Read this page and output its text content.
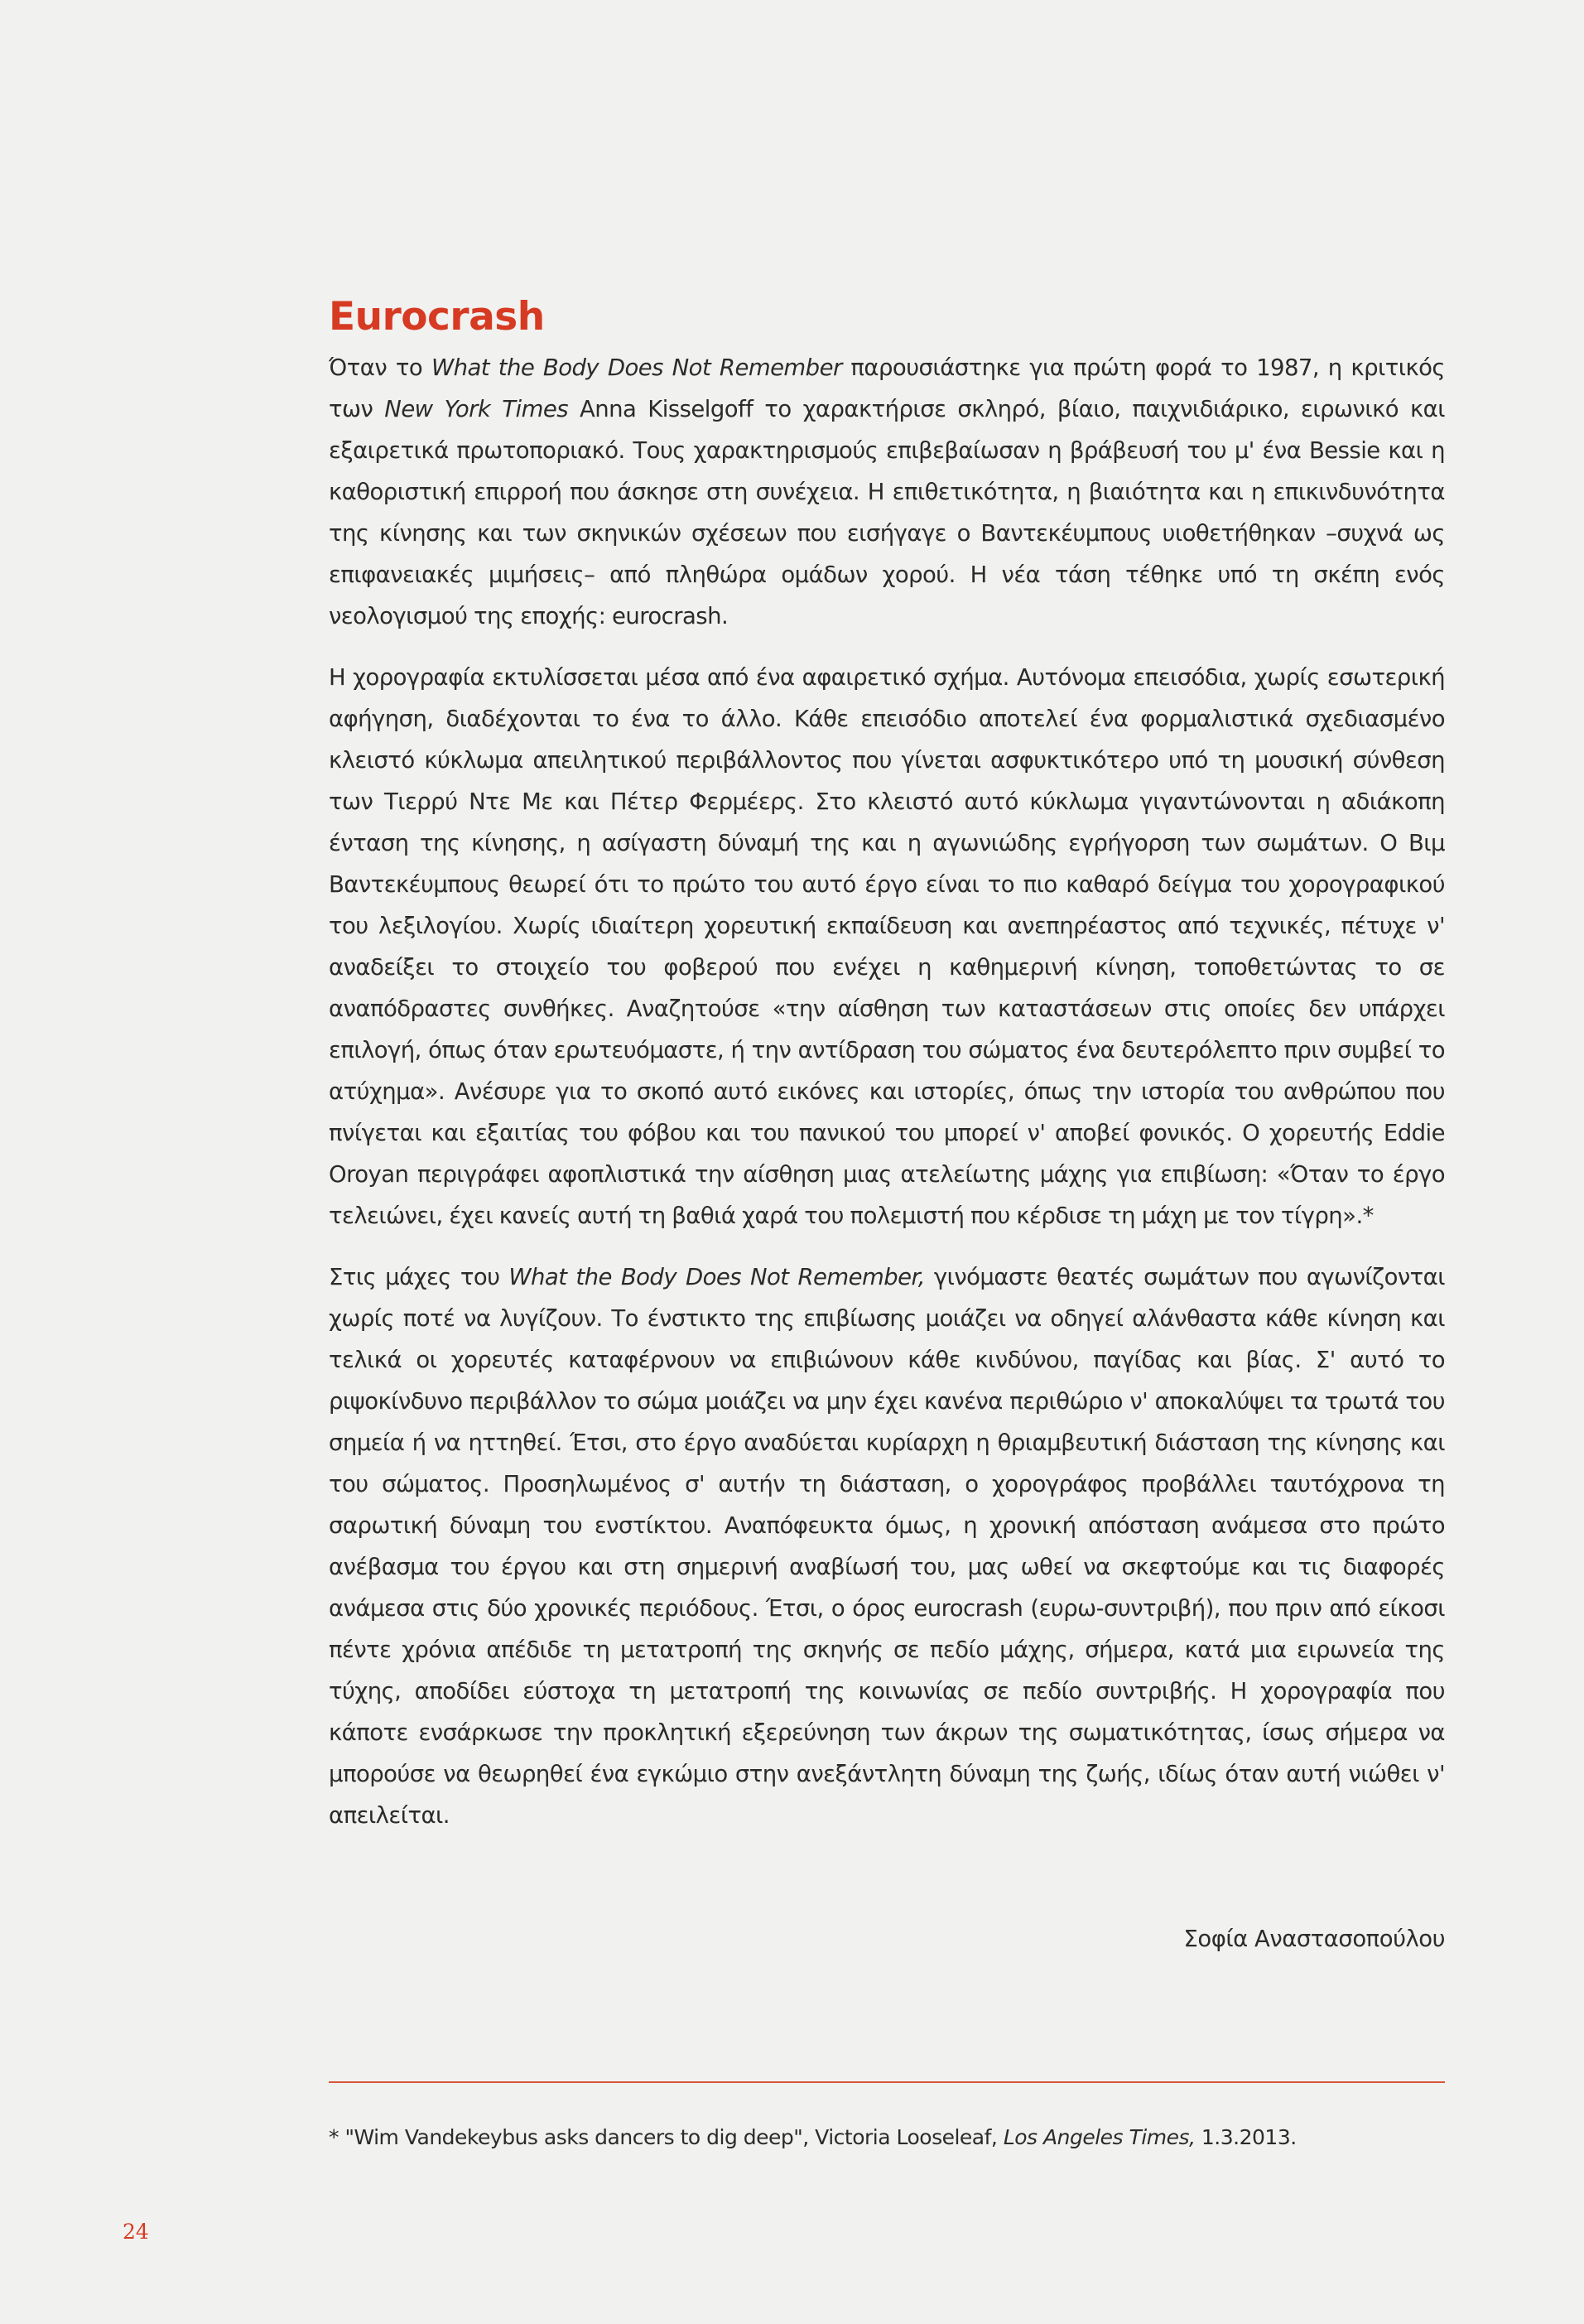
Eurocrash

Όταν το What the Body Does Not Remember παρουσιάστηκε για πρώτη φορά το 1987, η κριτικός των New York Times Anna Kisselgoff το χαρακτήρισε σκληρό, βίαιο, παιχνιδιάρικο, ειρωνικό και εξαιρετικά πρωτοποριακό. Τους χαρακτηρισμούς επιβεβαίωσαν η βράβευσή του μ' ένα Bessie και η καθοριστική επιρροή που άσκησε στη συνέχεια. Η επιθετικότητα, η βιαιότητα και η επικινδυνότητα της κίνησης και των σκηνικών σχέσεων που εισήγαγε ο Βαντεκέυμπους υιοθετήθηκαν –συχνά ως επιφανειακές μιμήσεις– από πληθώρα ομάδων χορού. Η νέα τάση τέθηκε υπό τη σκέπη ενός νεολογισμού της εποχής: eurocrash.

Η χορογραφία εκτυλίσσεται μέσα από ένα αφαιρετικό σχήμα. Αυτόνομα επεισόδια, χωρίς εσωτερική αφήγηση, διαδέχονται το ένα το άλλο. Κάθε επεισόδιο αποτελεί ένα φορμαλιστικά σχεδιασμένο κλειστό κύκλωμα απειλητικού περιβάλλοντος που γίνεται ασφυκτικότερο υπό τη μουσική σύνθεση των Τιερρύ Ντε Με και Πέτερ Φερμέερς. Στο κλειστό αυτό κύκλωμα γιγαντώνονται η αδιάκοπη ένταση της κίνησης, η ασίγαστη δύναμή της και η αγωνιώδης εγρήγορση των σωμάτων. Ο Βιμ Βαντεκέυμπους θεωρεί ότι το πρώτο του αυτό έργο είναι το πιο καθαρό δείγμα του χορογραφικού του λεξιλογίου. Χωρίς ιδιαίτερη χορευτική εκπαίδευση και ανεπηρέαστος από τεχνικές, πέτυχε ν' αναδείξει το στοιχείο του φοβερού που ενέχει η καθημερινή κίνηση, τοποθετώντας το σε αναπόδραστες συνθήκες. Αναζητούσε «την αίσθηση των καταστάσεων στις οποίες δεν υπάρχει επιλογή, όπως όταν ερωτευόμαστε, ή την αντίδραση του σώματος ένα δευτερόλεπτο πριν συμβεί το ατύχημα». Ανέσυρε για το σκοπό αυτό εικόνες και ιστορίες, όπως την ιστορία του ανθρώπου που πνίγεται και εξαιτίας του φόβου και του πανικού του μπορεί ν' αποβεί φονικός. Ο χορευτής Eddie Oroyan περιγράφει αφοπλιστικά την αίσθηση μιας ατελείωτης μάχης για επιβίωση: «Όταν το έργο τελειώνει, έχει κανείς αυτή τη βαθιά χαρά του πολεμιστή που κέρδισε τη μάχη με τον τίγρη».*

Στις μάχες του What the Body Does Not Remember, γινόμαστε θεατές σωμάτων που αγωνίζονται χωρίς ποτέ να λυγίζουν. Το ένστικτο της επιβίωσης μοιάζει να οδηγεί αλάνθαστα κάθε κίνηση και τελικά οι χορευτές καταφέρνουν να επιβιώνουν κάθε κινδύνου, παγίδας και βίας. Σ' αυτό το ριψοκίνδυνο περιβάλλον το σώμα μοιάζει να μην έχει κανένα περιθώριο ν' αποκαλύψει τα τρωτά του σημεία ή να ηττηθεί. Έτσι, στο έργο αναδύεται κυρίαρχη η θριαμβευτική διάσταση της κίνησης και του σώματος. Προσηλωμένος σ' αυτήν τη διάσταση, ο χορογράφος προβάλλει ταυτόχρονα τη σαρωτική δύναμη του ενστίκτου. Αναπόφευκτα όμως, η χρονική απόσταση ανάμεσα στο πρώτο ανέβασμα του έργου και στη σημερινή αναβίωσή του, μας ωθεί να σκεφτούμε και τις διαφορές ανάμεσα στις δύο χρονικές περιόδους. Έτσι, ο όρος eurocrash (ευρω-συντριβή), που πριν από είκοσι πέντε χρόνια απέδιδε τη μετατροπή της σκηνής σε πεδίο μάχης, σήμερα, κατά μια ειρωνεία της τύχης, αποδίδει εύστοχα τη μετατροπή της κοινωνίας σε πεδίο συντριβής. Η χορογραφία που κάποτε ενσάρκωσε την προκλητική εξερεύνηση των άκρων της σωματικότητας, ίσως σήμερα να μπορούσε να θεωρηθεί ένα εγκώμιο στην ανεξάντλητη δύναμη της ζωής, ιδίως όταν αυτή νιώθει ν' απειλείται.

Σοφία Αναστασοπούλου
* "Wim Vandekeybus asks dancers to dig deep", Victoria Looseleaf, Los Angeles Times, 1.3.2013.
24
